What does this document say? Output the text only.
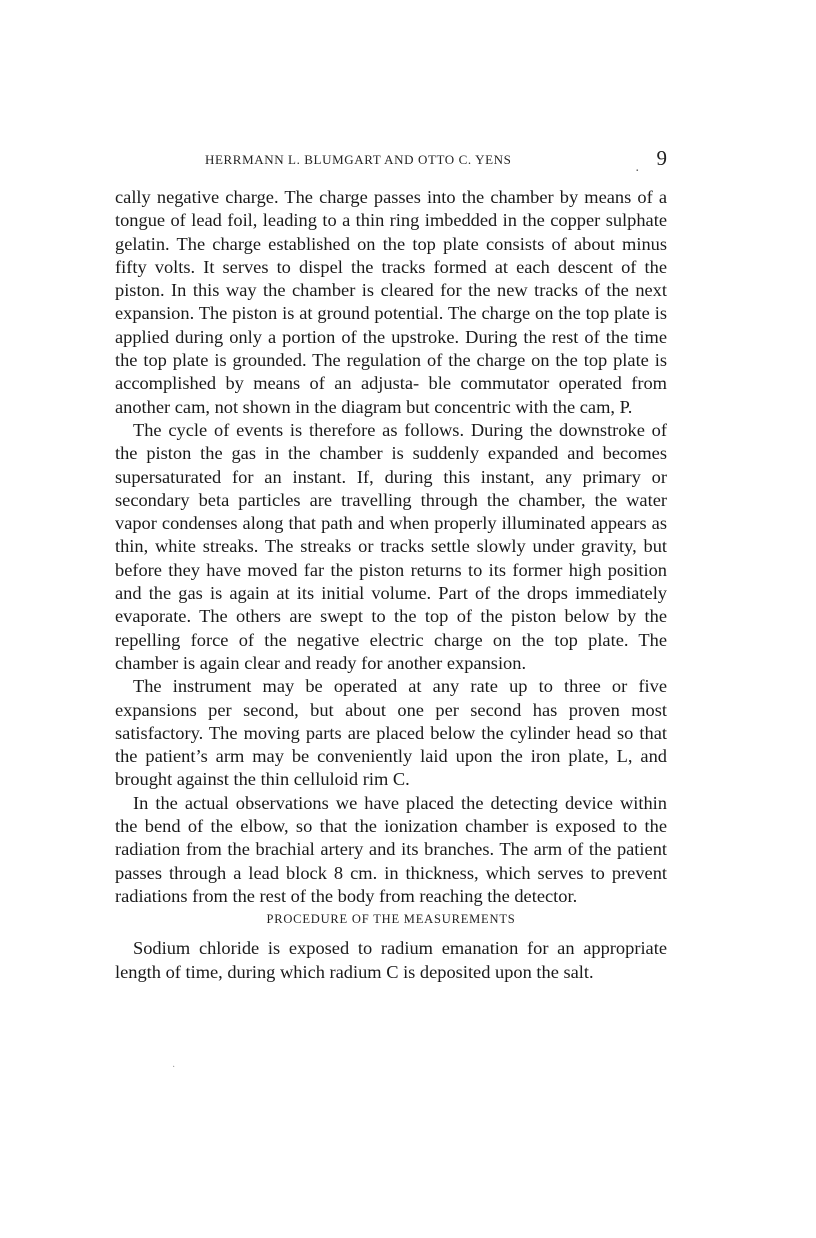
HERRMANN L. BLUMGART AND OTTO C. YENS
. 9

cally negative charge. The charge passes into the chamber by means of a tongue of lead foil, leading to a thin ring imbedded in the copper sulphate gelatin. The charge established on the top plate consists of about minus fifty volts. It serves to dispel the tracks formed at each descent of the piston. In this way the chamber is cleared for the new tracks of the next expansion. The piston is at ground potential. The charge on the top plate is applied during only a portion of the upstroke. During the rest of the time the top plate is grounded. The regulation of the charge on the top plate is accomplished by means of an adjusta- ble commutator operated from another cam, not shown in the diagram but concentric with the cam, P.

The cycle of events is therefore as follows. During the downstroke of the piston the gas in the chamber is suddenly expanded and becomes supersaturated for an instant. If, during this instant, any primary or secondary beta particles are travelling through the chamber, the water vapor condenses along that path and when properly illuminated appears as thin, white streaks. The streaks or tracks settle slowly under gravity, but before they have moved far the piston returns to its former high position and the gas is again at its initial volume. Part of the drops immediately evaporate. The others are swept to the top of the piston below by the repelling force of the negative electric charge on the top plate. The chamber is again clear and ready for another expansion.

The instrument may be operated at any rate up to three or five expansions per second, but about one per second has proven most satisfactory. The moving parts are placed below the cylinder head so that the patient’s arm may be conveniently laid upon the iron plate, L, and brought against the thin celluloid rim C.

In the actual observations we have placed the detecting device within the bend of the elbow, so that the ionization chamber is exposed to the radiation from the brachial artery and its branches. The arm of the patient passes through a lead block 8 cm. in thickness, which serves to prevent radiations from the rest of the body from reaching the detector.

PROCEDURE OF THE MEASUREMENTS

Sodium chloride is exposed to radium emanation for an appropriate length of time, during which radium C is deposited upon the salt.

·
